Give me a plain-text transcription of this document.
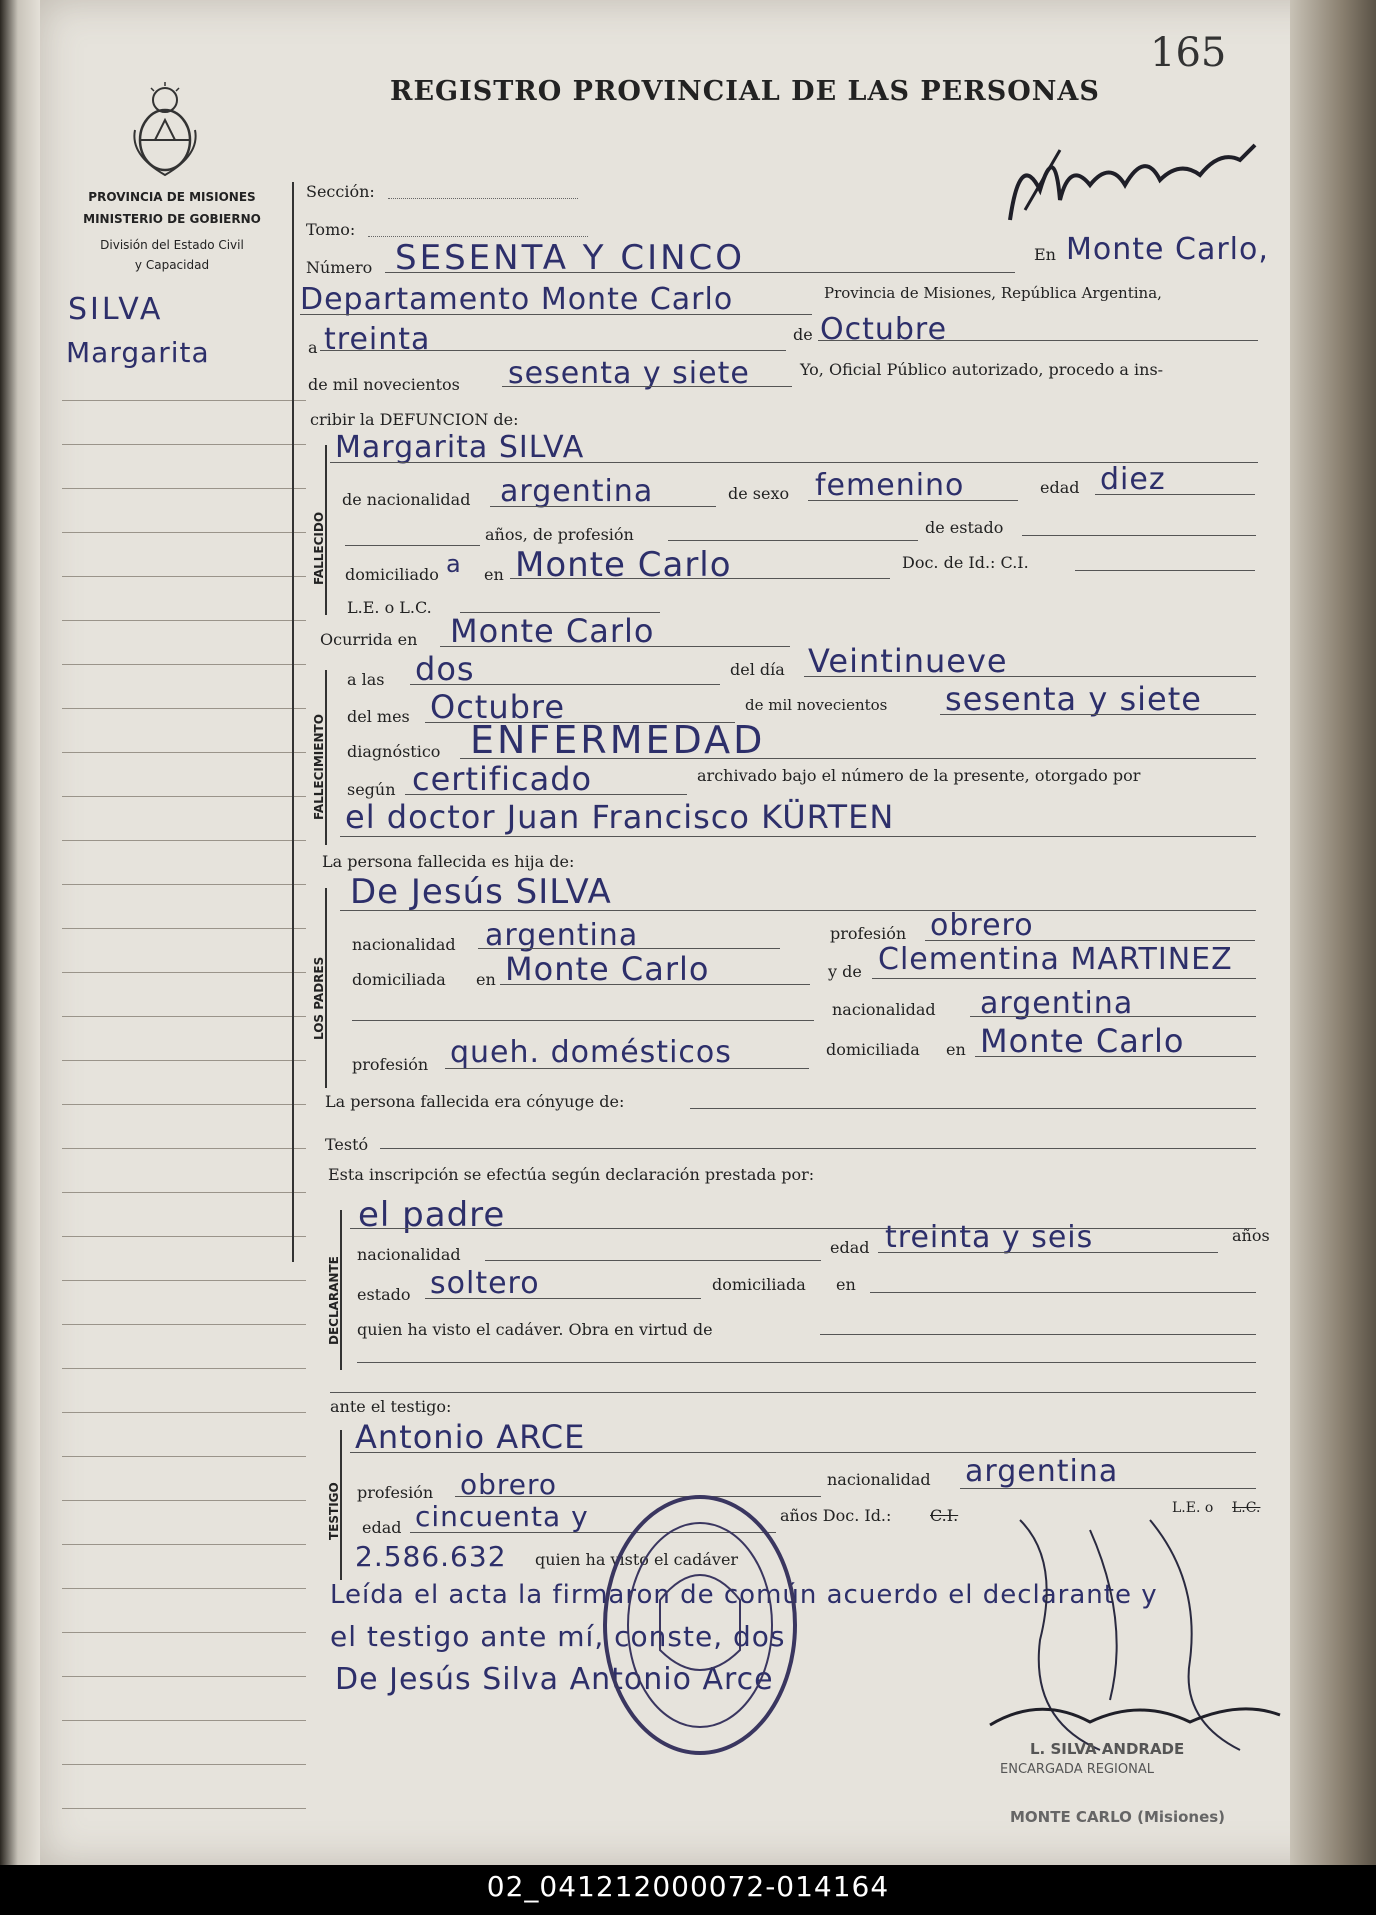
165
REGISTRO PROVINCIAL DE LAS PERSONAS
PROVINCIA DE MISIONES
MINISTERIO DE GOBIERNO
División del Estado Civil
y Capacidad
SILVA
Margarita
Sección:
Tomo:
Número SESENTA Y CINCO	En Monte Carlo,
Departamento Monte Carlo	Provincia de Misiones, República Argentina,
a treinta	de Octubre
de mil novecientos sesenta y siete	Yo, Oficial Público autorizado, procedo a ins-
cribir la DEFUNCION de:
FALLECIDO
Margarita SILVA
de nacionalidad argentina	de sexo femenino	edad diez
años, de profesión	de estado
domiciliado a en Monte Carlo	Doc. de Id.: C.I.
L.E. o L.C.
Ocurrida en Monte Carlo
FALLECIMIENTO
a las dos	del día Veintinueve
del mes Octubre	de mil novecientos sesenta y siete
diagnóstico ENFERMEDAD
según certificado	archivado bajo el número de la presente, otorgado por
el doctor Juan Francisco KÜRTEN
La persona fallecida es hija de:
LOS PADRES
De Jesús SILVA
nacionalidad argentina	profesión obrero
domiciliada en Monte Carlo	y de Clementina MARTINEZ
nacionalidad argentina
profesión queh. domésticos	domiciliada en Monte Carlo
La persona fallecida era cónyuge de:
Testó
Esta inscripción se efectúa según declaración prestada por:
DECLARANTE
el padre
nacionalidad	edad treinta y seis	años
estado soltero	domiciliada en
quien ha visto el cadáver. Obra en virtud de
ante el testigo:
TESTIGO
Antonio ARCE
profesión obrero	nacionalidad argentina
edad cincuenta y	años Doc. Id.: C.I.	L.E. o L.C.
2.586.632 quien ha visto el cadáver
Leída el acta la firmaron de común acuerdo el declarante y
el testigo ante mí, conste, dos
De Jesús Silva Antonio Arce
L. SILVA ANDRADE
ENCARGADA REGIONAL
MONTE CARLO (Misiones)
02_041212000072-014164
